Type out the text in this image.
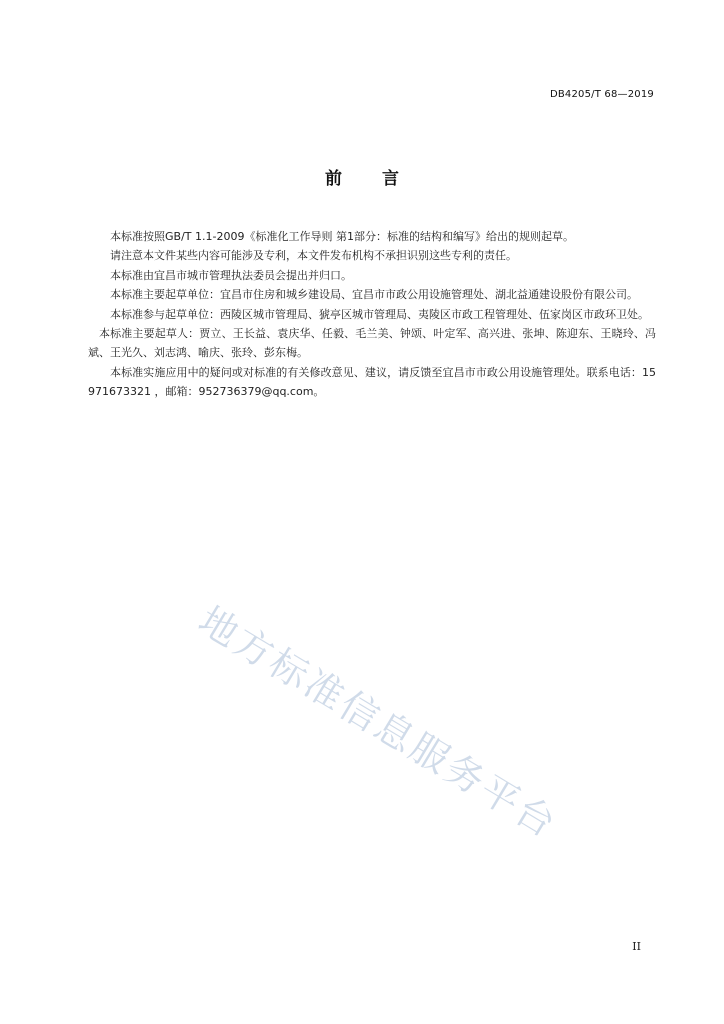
DB4205/T 68—2019
前 言

本标准按照GB/T 1.1-2009《标准化工作导则 第1部分：标准的结构和编写》给出的规则起草。

请注意本文件某些内容可能涉及专利，本文件发布机构不承担识别这些专利的责任。

本标准由宜昌市城市管理执法委员会提出并归口。

本标准主要起草单位：宜昌市住房和城乡建设局、宜昌市市政公用设施管理处、湖北益通建设股份有限公司。

本标准参与起草单位：西陵区城市管理局、猇亭区城市管理局、夷陵区市政工程管理处、伍家岗区市政环卫处。

本标准主要起草人：贾立、王长益、袁庆华、任毅、毛兰美、钟颂、叶定军、高兴进、张坤、陈迎东、王晓玲、冯斌、王光久、刘志鸿、喻庆、张玲、彭东梅。

本标准实施应用中的疑问或对标准的有关修改意见、建议，请反馈至宜昌市市政公用设施管理处。联系电话：15971673321 ，邮箱：952736379@qq.com。

地方标准信息服务平台
II
